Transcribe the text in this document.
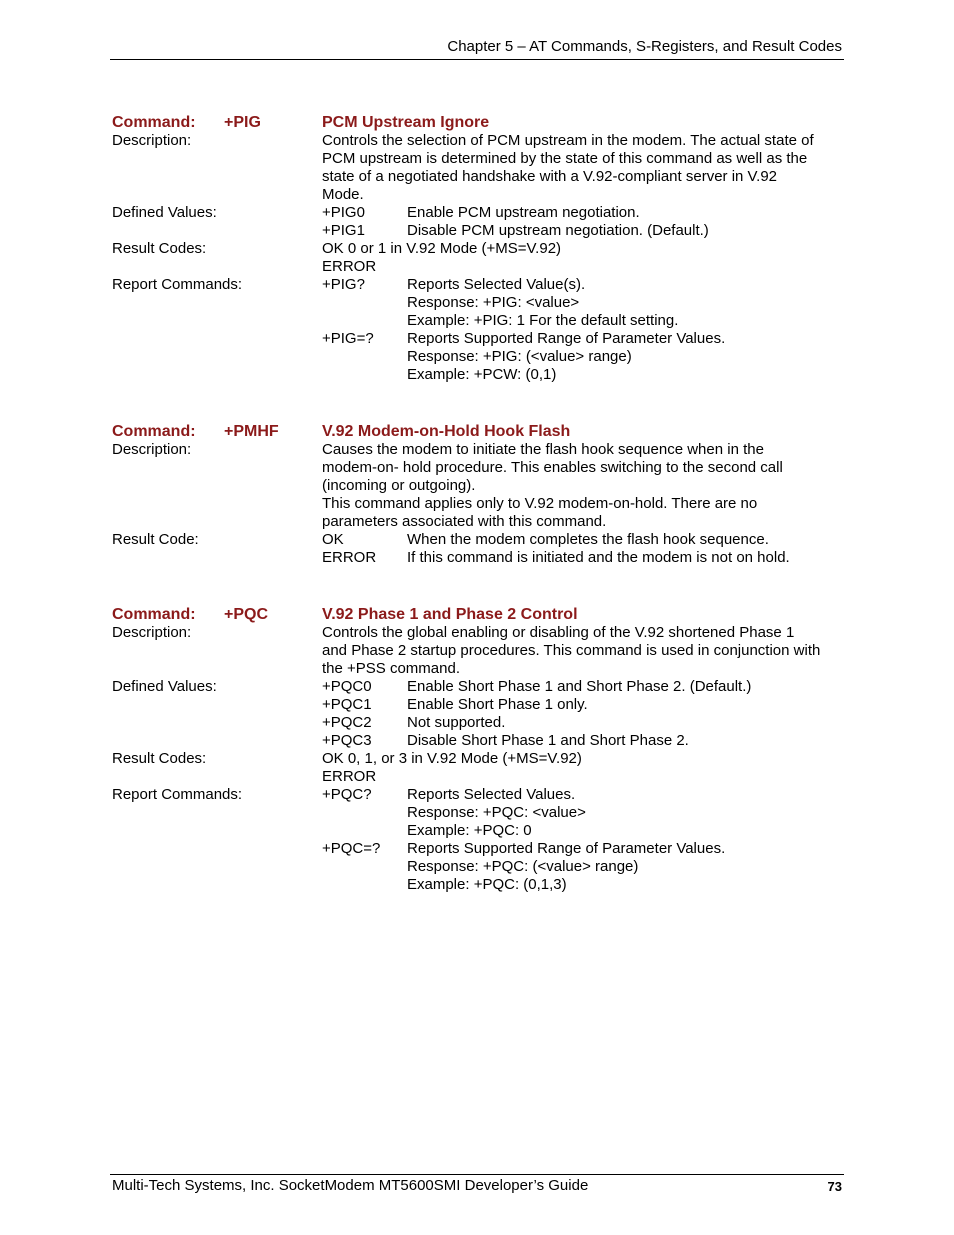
Chapter 5 – AT Commands, S-Registers, and Result Codes
Command: +PIG	PCM Upstream Ignore
Description:	Controls the selection of PCM upstream in the modem. The actual state of
PCM upstream is determined by the state of this command as well as the
state of a negotiated handshake with a V.92-compliant server in V.92
Mode.
Defined Values:	+PIG0	Enable PCM upstream negotiation.
+PIG1	Disable PCM upstream negotiation. (Default.)
Result Codes:	OK 0 or 1 in V.92 Mode (+MS=V.92)
ERROR
Report Commands:	+PIG?	Reports Selected Value(s).
Response: +PIG: <value>
Example: +PIG: 1 For the default setting.
+PIG=? Reports Supported Range of Parameter Values.
Response: +PIG: (<value> range)
Example: +PCW: (0,1)
Command: +PMHF	V.92 Modem-on-Hold Hook Flash
Description:	Causes the modem to initiate the flash hook sequence when in the
modem-on- hold procedure. This enables switching to the second call
(incoming or outgoing).
This command applies only to V.92 modem-on-hold. There are no
parameters associated with this command.
Result Code:	OK	When the modem completes the flash hook sequence.
ERROR If this command is initiated and the modem is not on hold.
Command: +PQC	V.92 Phase 1 and Phase 2 Control
Description:	Controls the global enabling or disabling of the V.92 shortened Phase 1
and Phase 2 startup procedures. This command is used in conjunction with
the +PSS command.
Defined Values:	+PQC0 Enable Short Phase 1 and Short Phase 2. (Default.)
+PQC1 Enable Short Phase 1 only.
+PQC2 Not supported.
+PQC3 Disable Short Phase 1 and Short Phase 2.
Result Codes:	OK 0, 1, or 3 in V.92 Mode (+MS=V.92)
ERROR
Report Commands:	+PQC? Reports Selected Values.
Response: +PQC: <value>
Example: +PQC: 0
+PQC=? Reports Supported Range of Parameter Values.
Response: +PQC: (<value> range)
Example: +PQC: (0,1,3)
Multi-Tech Systems, Inc. SocketModem MT5600SMI Developer’s Guide	73
